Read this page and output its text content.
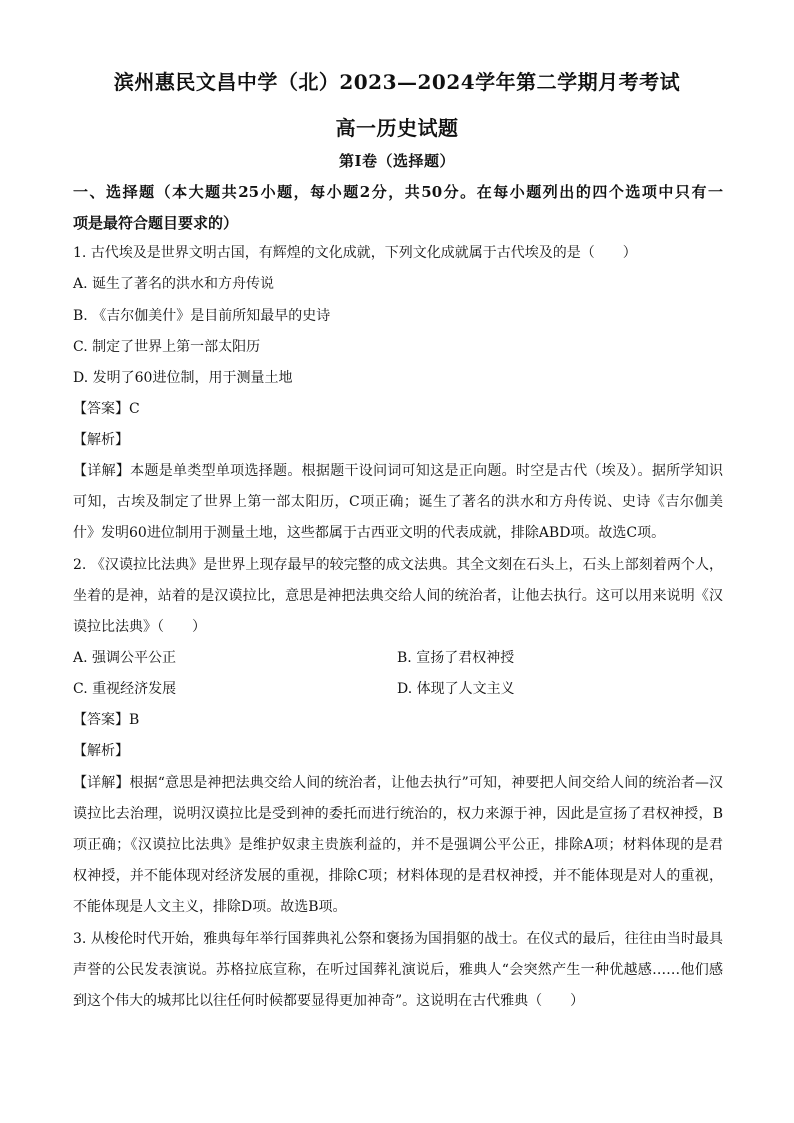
滨州惠民文昌中学（北）2023—2024学年第二学期月考考试
高一历史试题
第Ⅰ卷（选择题）
一、选择题（本大题共25小题，每小题2分，共50分。在每小题列出的四个选项中只有一
项是最符合题目要求的）
1. 古代埃及是世界文明古国，有辉煌的文化成就，下列文化成就属于古代埃及的是（　　）
A. 诞生了著名的洪水和方舟传说
B. 《吉尔伽美什》是目前所知最早的史诗
C. 制定了世界上第一部太阳历
D. 发明了60进位制，用于测量土地
【答案】C
【解析】
【详解】本题是单类型单项选择题。根据题干设问词可知这是正向题。时空是古代（埃及）。据所学知识
可知，古埃及制定了世界上第一部太阳历，C项正确；诞生了著名的洪水和方舟传说、史诗《吉尔伽美
什》发明60进位制用于测量土地，这些都属于古西亚文明的代表成就，排除ABD项。故选C项。
2. 《汉谟拉比法典》是世界上现存最早的较完整的成文法典。其全文刻在石头上，石头上部刻着两个人，
坐着的是神，站着的是汉谟拉比，意思是神把法典交给人间的统治者，让他去执行。这可以用来说明《汉
谟拉比法典》（　　）
A. 强调公平公正	B. 宣扬了君权神授
C. 重视经济发展	D. 体现了人文主义
【答案】B
【解析】
【详解】根据“意思是神把法典交给人间的统治者，让他去执行”可知，神要把人间交给人间的统治者—汉
谟拉比去治理，说明汉谟拉比是受到神的委托而进行统治的，权力来源于神，因此是宣扬了君权神授，B
项正确；《汉谟拉比法典》是维护奴隶主贵族利益的，并不是强调公平公正，排除A项；材料体现的是君
权神授，并不能体现对经济发展的重视，排除C项；材料体现的是君权神授，并不能体现是对人的重视，
不能体现是人文主义，排除D项。故选B项。
3. 从梭伦时代开始，雅典每年举行国葬典礼公祭和褒扬为国捐躯的战士。在仪式的最后，往往由当时最具
声誉的公民发表演说。苏格拉底宣称，在听过国葬礼演说后，雅典人“会突然产生一种优越感……他们感
到这个伟大的城邦比以往任何时候都要显得更加神奇”。这说明在古代雅典（　　）
